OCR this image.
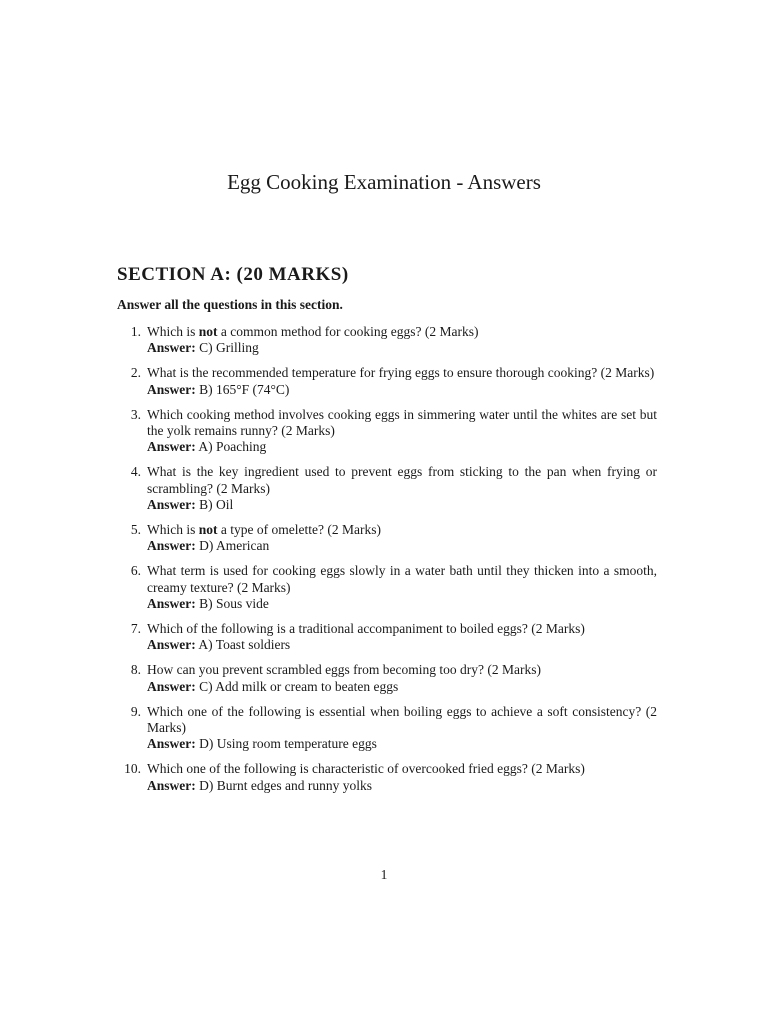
Egg Cooking Examination - Answers
SECTION A: (20 MARKS)
Answer all the questions in this section.
1. Which is not a common method for cooking eggs? (2 Marks)
Answer: C) Grilling
2. What is the recommended temperature for frying eggs to ensure thorough cooking? (2 Marks)
Answer: B) 165°F (74°C)
3. Which cooking method involves cooking eggs in simmering water until the whites are set but the yolk remains runny? (2 Marks)
Answer: A) Poaching
4. What is the key ingredient used to prevent eggs from sticking to the pan when frying or scrambling? (2 Marks)
Answer: B) Oil
5. Which is not a type of omelette? (2 Marks)
Answer: D) American
6. What term is used for cooking eggs slowly in a water bath until they thicken into a smooth, creamy texture? (2 Marks)
Answer: B) Sous vide
7. Which of the following is a traditional accompaniment to boiled eggs? (2 Marks)
Answer: A) Toast soldiers
8. How can you prevent scrambled eggs from becoming too dry? (2 Marks)
Answer: C) Add milk or cream to beaten eggs
9. Which one of the following is essential when boiling eggs to achieve a soft consistency? (2 Marks)
Answer: D) Using room temperature eggs
10. Which one of the following is characteristic of overcooked fried eggs? (2 Marks)
Answer: D) Burnt edges and runny yolks
1
